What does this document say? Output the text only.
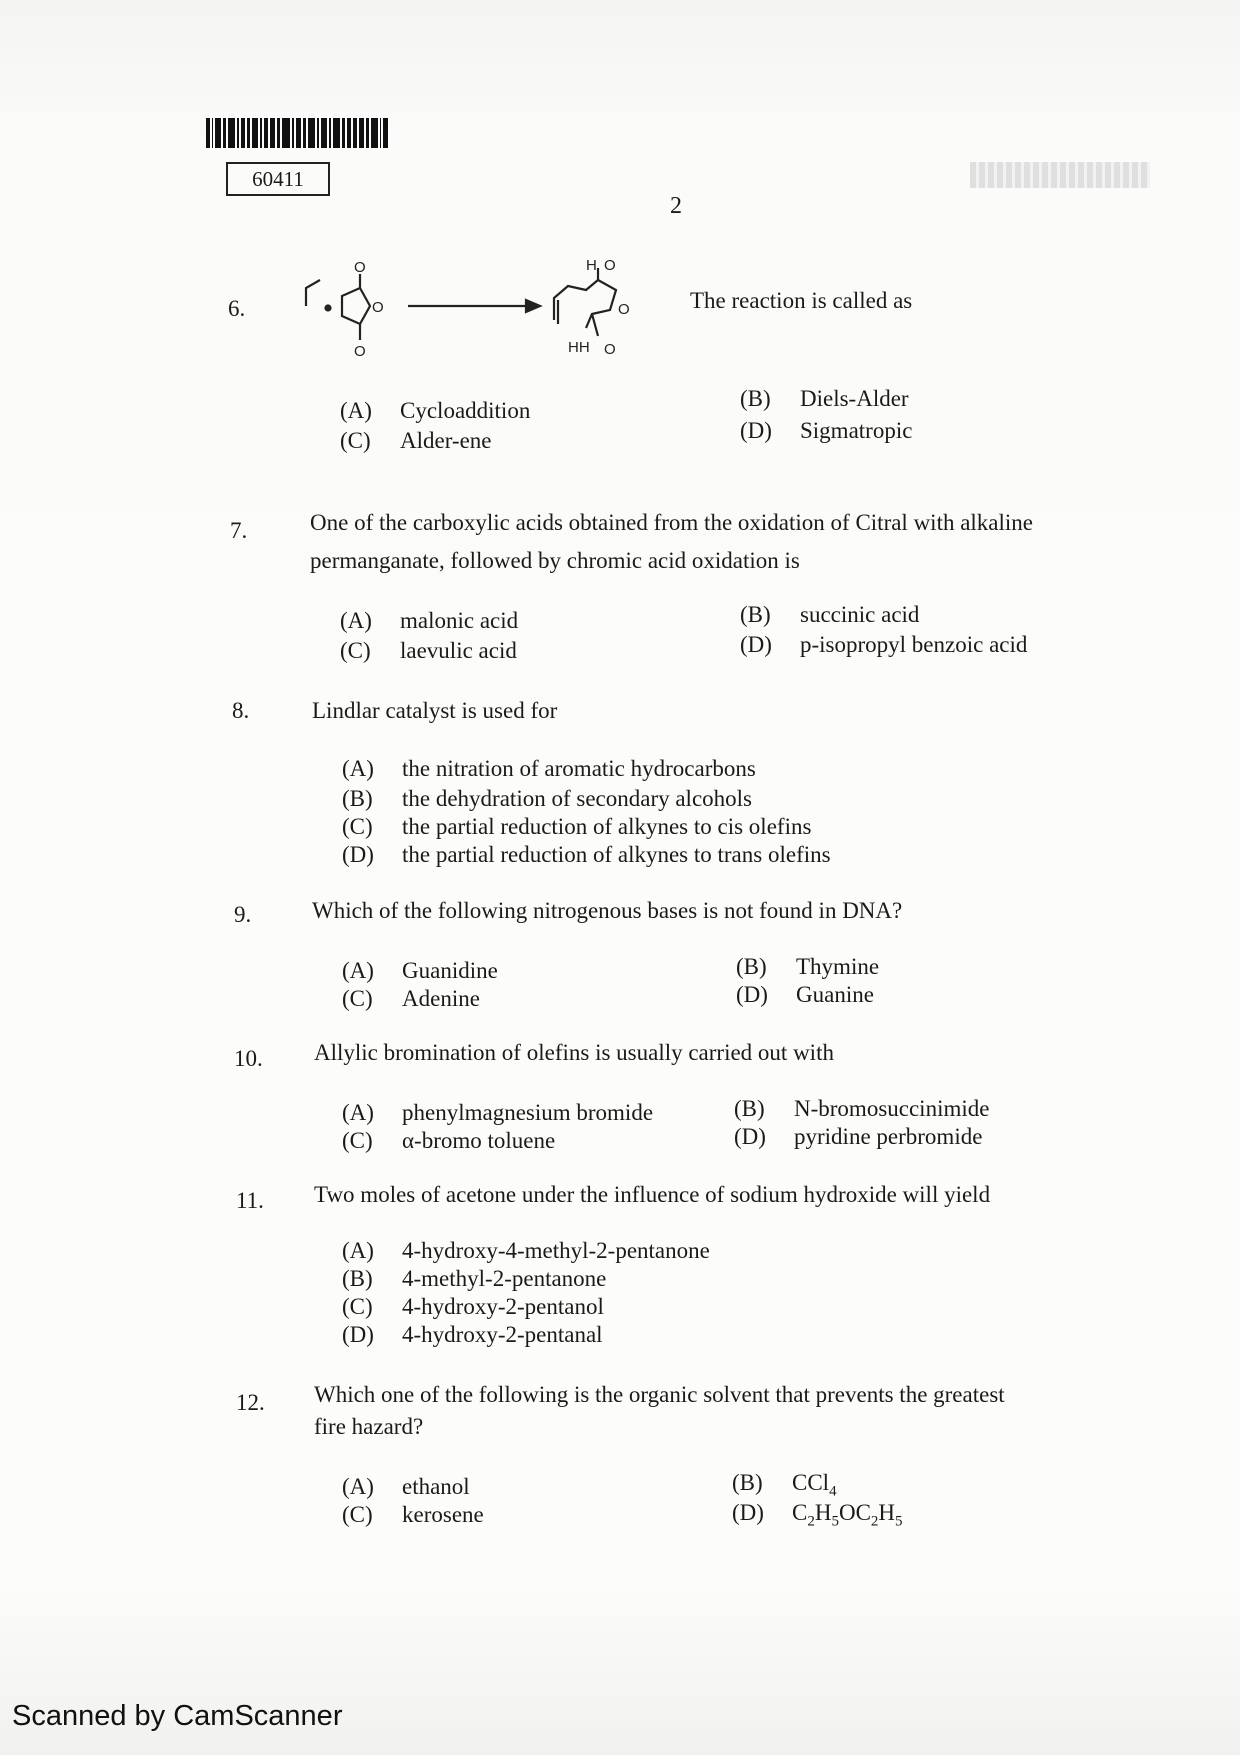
60411
2
6.
O
O
O
H O
O
HH O
The reaction is called as
(A) Cycloaddition	(B) Diels-Alder
(C) Alder-ene	(D) Sigmatropic
7.	One of the carboxylic acids obtained from the oxidation of Citral with alkaline
permanganate, followed by chromic acid oxidation is
(A) malonic acid	(B) succinic acid
(C) laevulic acid	(D) p-isopropyl benzoic acid
8.	Lindlar catalyst is used for
(A) the nitration of aromatic hydrocarbons
(B) the dehydration of secondary alcohols
(C) the partial reduction of alkynes to cis olefins
(D) the partial reduction of alkynes to trans olefins
9.	Which of the following nitrogenous bases is not found in DNA?
(A) Guanidine	(B) Thymine
(C) Adenine	(D) Guanine
10. Allylic bromination of olefins is usually carried out with
(A) phenylmagnesium bromide	(B) N-bromosuccinimide
(C) α-bromo toluene	(D) pyridine perbromide
11. Two moles of acetone under the influence of sodium hydroxide will yield
(A) 4-hydroxy-4-methyl-2-pentanone
(B) 4-methyl-2-pentanone
(C) 4-hydroxy-2-pentanol
(D) 4-hydroxy-2-pentanal
12. Which one of the following is the organic solvent that prevents the greatest
fire hazard?
(A) ethanol	(B) CCl$_4$
(C) kerosene	(D) $C_2H_5OC_2H_5$
Scanned by CamScanner
